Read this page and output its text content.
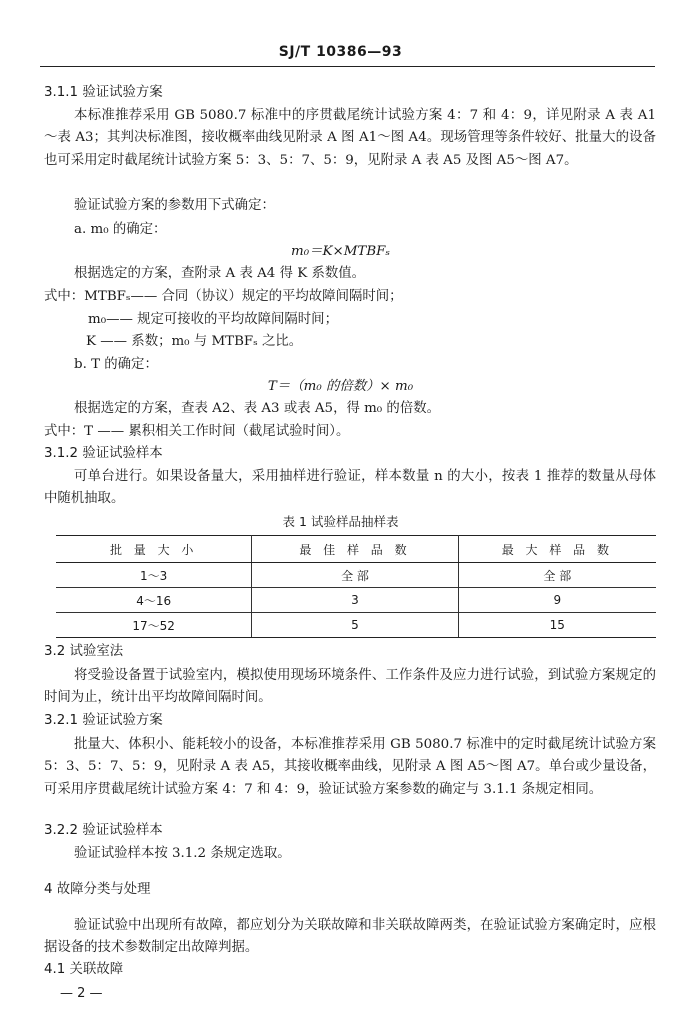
SJ/T 10386—93
3.1.1 验证试验方案
本标准推荐采用 GB 5080.7 标准中的序贯截尾统计试验方案 4：7 和 4：9，详见附录 A 表 A1～表 A3；其判决标准图，接收概率曲线见附录 A 图 A1～图 A4。现场管理等条件较好、批量大的设备也可采用定时截尾统计试验方案 5：3、5：7、5：9，见附录 A 表 A5 及图 A5～图 A7。
验证试验方案的参数用下式确定：
a. m₀ 的确定：
m₀＝K×MTBFₛ
根据选定的方案，查附录 A 表 A4 得 K 系数值。
式中：MTBFₛ—— 合同（协议）规定的平均故障间隔时间；
m₀—— 规定可接收的平均故障间隔时间；
K —— 系数；m₀ 与 MTBFₛ 之比。
b. T 的确定：
T＝（m₀ 的倍数）× m₀
根据选定的方案，查表 A2、表 A3 或表 A5，得 m₀ 的倍数。
式中：T —— 累积相关工作时间（截尾试验时间）。
3.1.2 验证试验样本
可单台进行。如果设备量大，采用抽样进行验证，样本数量 n 的大小，按表 1 推荐的数量从母体中随机抽取。
表 1 试验样品抽样表
批 量 大 小	最 佳 样 品 数	最 大 样 品 数
1～3	全 部	全 部
4～16	3	9
17～52	5	15
3.2 试验室法
将受验设备置于试验室内，模拟使用现场环境条件、工作条件及应力进行试验，到试验方案规定的时间为止，统计出平均故障间隔时间。
3.2.1 验证试验方案
批量大、体积小、能耗较小的设备，本标准推荐采用 GB 5080.7 标准中的定时截尾统计试验方案 5：3、5：7、5：9，见附录 A 表 A5，其接收概率曲线，见附录 A 图 A5～图 A7。单台或少量设备，可采用序贯截尾统计试验方案 4：7 和 4：9，验证试验方案参数的确定与 3.1.1 条规定相同。
3.2.2 验证试验样本
验证试验样本按 3.1.2 条规定选取。
4 故障分类与处理
验证试验中出现所有故障，都应划分为关联故障和非关联故障两类，在验证试验方案确定时，应根据设备的技术参数制定出故障判据。
4.1 关联故障
— 2 —
